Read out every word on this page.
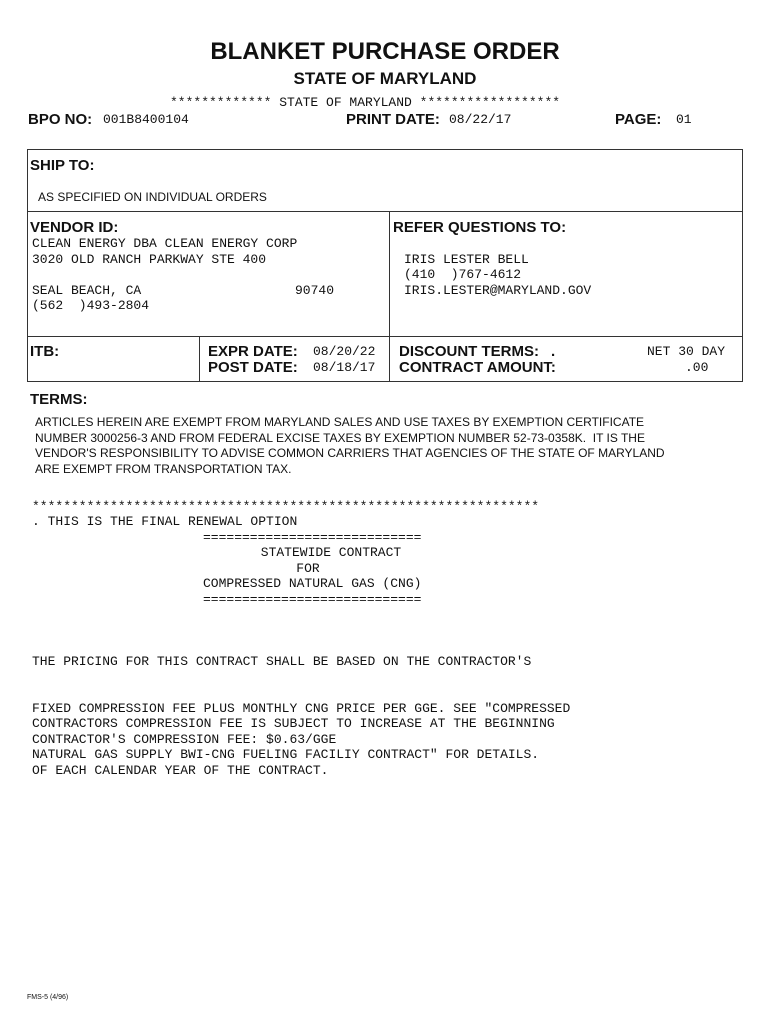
BLANKET PURCHASE ORDER
STATE OF MARYLAND
************* STATE OF MARYLAND ******************
BPO NO: 001B8400104	PRINT DATE: 08/22/17	PAGE: 01
SHIP TO:
AS SPECIFIED ON INDIVIDUAL ORDERS
VENDOR ID:
CLEAN ENERGY DBA CLEAN ENERGY CORP
3020 OLD RANCH PARKWAY STE 400
SEAL BEACH, CA	90740
(562  )493-2804
REFER QUESTIONS TO:
IRIS LESTER BELL
(410  )767-4612
IRIS.LESTER@MARYLAND.GOV
ITB:	EXPR DATE: 08/20/22
POST DATE: 08/18/17
DISCOUNT TERMS: .	NET 30 DAY
CONTRACT AMOUNT:	.00
TERMS:
ARTICLES HEREIN ARE EXEMPT FROM MARYLAND SALES AND USE TAXES BY EXEMPTION CERTIFICATE
NUMBER 3000256-3 AND FROM FEDERAL EXCISE TAXES BY EXEMPTION NUMBER 52-73-0358K.  IT IS THE
VENDOR'S RESPONSIBILITY TO ADVISE COMMON CARRIERS THAT AGENCIES OF THE STATE OF MARYLAND
ARE EXEMPT FROM TRANSPORTATION TAX.
*****************************************************************
. THIS IS THE FINAL RENEWAL OPTION
============================
STATEWIDE CONTRACT
FOR
COMPRESSED NATURAL GAS (CNG)
============================

THE PRICING FOR THIS CONTRACT SHALL BE BASED ON THE CONTRACTOR'S

FIXED COMPRESSION FEE PLUS MONTHLY CNG PRICE PER GGE. SEE "COMPRESSED

NATURAL GAS SUPPLY BWI-CNG FUELING FACILIY CONTRACT" FOR DETAILS.

CONTRACTORS COMPRESSION FEE IS SUBJECT TO INCREASE AT THE BEGINNING

OF EACH CALENDAR YEAR OF THE CONTRACT.

CONTRACTOR'S COMPRESSION FEE: $0.63/GGE
FMS-5 (4/96)
